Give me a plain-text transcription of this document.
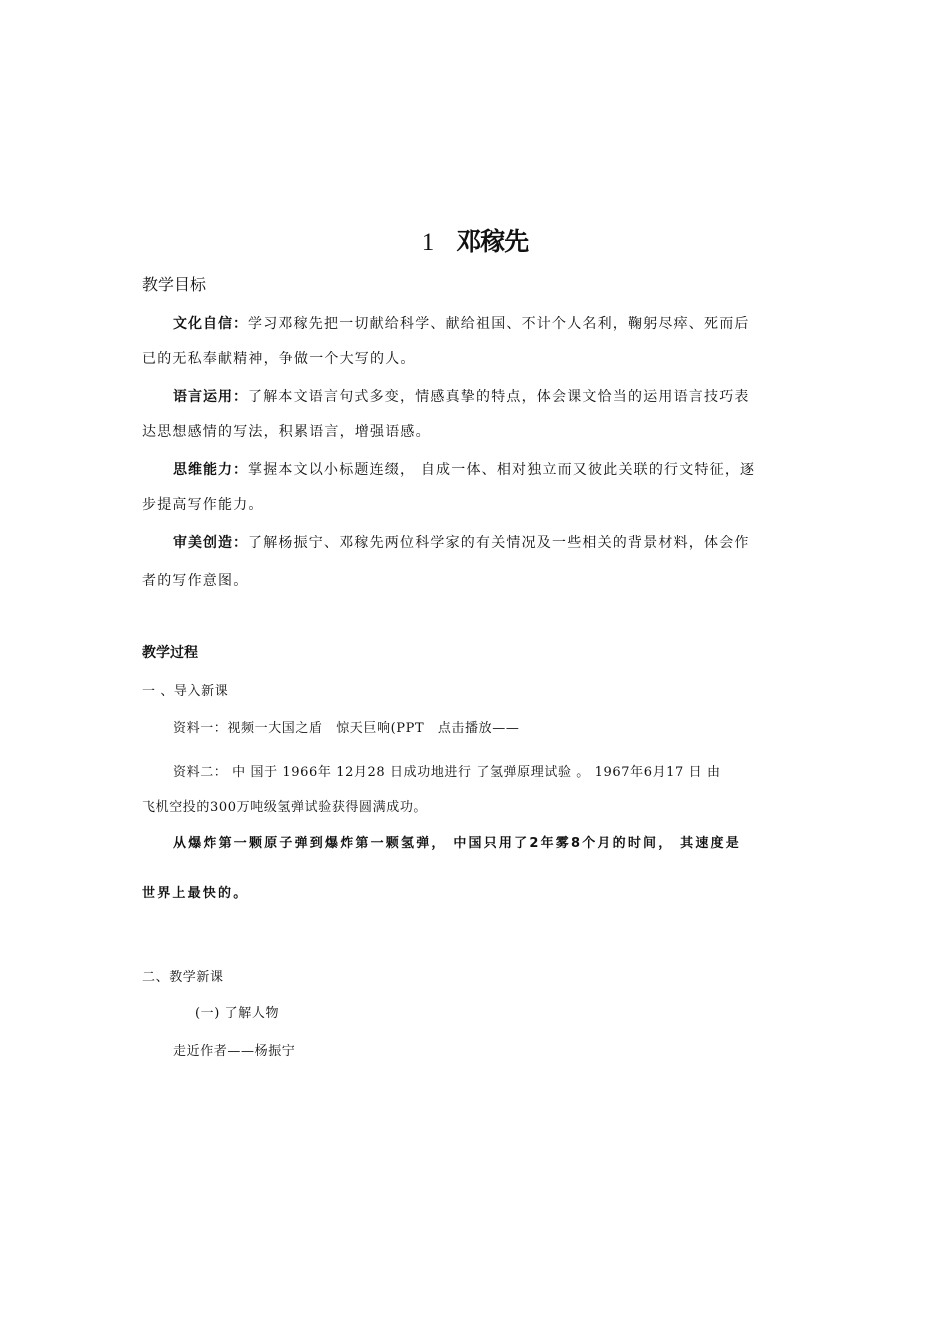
1 邓稼先
教学目标
文化自信：学习邓稼先把一切献给科学、献给祖国、不计个人名利，鞠躬尽瘁、死而后
已的无私奉献精神，争做一个大写的人。
语言运用：了解本文语言句式多变，情感真挚的特点，体会课文恰当的运用语言技巧表
达思想感情的写法，积累语言，增强语感。
思维能力：掌握本文以小标题连缀， 自成一体、相对独立而又彼此关联的行文特征，逐
步提高写作能力。
审美创造：了解杨振宁、邓稼先两位科学家的有关情况及一些相关的背景材料，体会作
者的写作意图。
教学过程
一 、导入新课
资料一：视频一大国之盾　惊天巨响(PPT　点击播放——
资料二： 中 国于 1966年 12月28 日成功地进行 了氢弹原理试验 。 1967年6月17 日 由
飞机空投的300万吨级氢弹试验获得圆满成功。
从爆炸第一颗原子弹到爆炸第一颗氢弹， 中国只用了2年雾8个月的时间， 其速度是
世界上最快的。
二、教学新课
(一) 了解人物
走近作者——杨振宁
